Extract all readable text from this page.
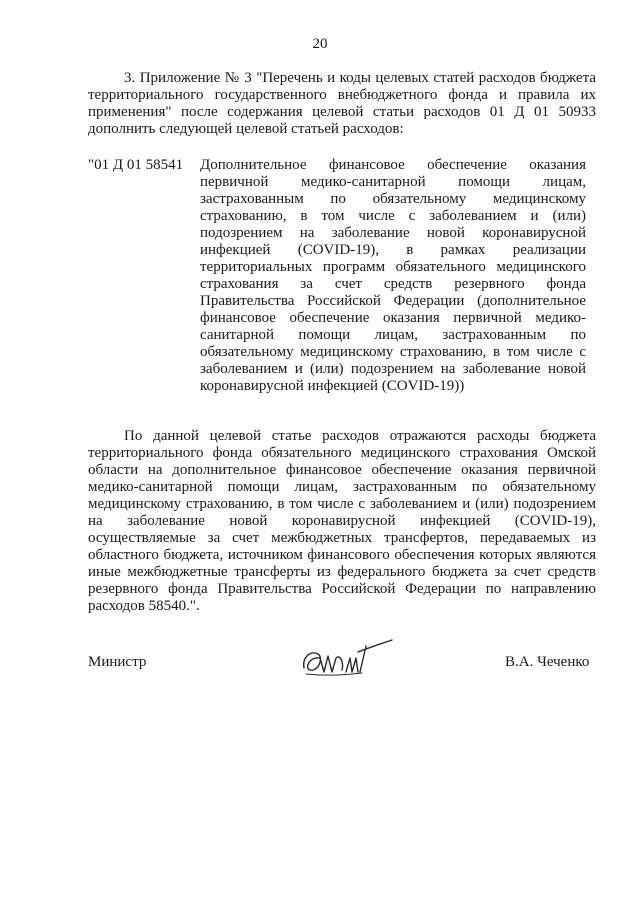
20
3. Приложение № 3 "Перечень и коды целевых статей расходов бюджета территориального государственного внебюджетного фонда и правила их применения" после содержания целевой статьи расходов 01 Д 01 50933 дополнить следующей целевой статьей расходов:
"01 Д 01 58541 Дополнительное финансовое обеспечение оказания первичной медико-санитарной помощи лицам, застрахованным по обязательному медицинскому страхованию, в том числе с заболеванием и (или) подозрением на заболевание новой коронавирусной инфекцией (COVID-19), в рамках реализации территориальных программ обязательного медицинского страхования за счет средств резервного фонда Правительства Российской Федерации (дополнительное финансовое обеспечение оказания первичной медико-санитарной помощи лицам, застрахованным по обязательному медицинскому страхованию, в том числе с заболеванием и (или) подозрением на заболевание новой коронавирусной инфекцией (COVID-19))
По данной целевой статье расходов отражаются расходы бюджета территориального фонда обязательного медицинского страхования Омской области на дополнительное финансовое обеспечение оказания первичной медико-санитарной помощи лицам, застрахованным по обязательному медицинскому страхованию, в том числе с заболеванием и (или) подозрением на заболевание новой коронавирусной инфекцией (COVID-19), осуществляемые за счет межбюджетных трансфертов, передаваемых из областного бюджета, источником финансового обеспечения которых являются иные межбюджетные трансферты из федерального бюджета за счет средств резервного фонда Правительства Российской Федерации по направлению расходов 58540.".
Министр	В.А. Чеченко
